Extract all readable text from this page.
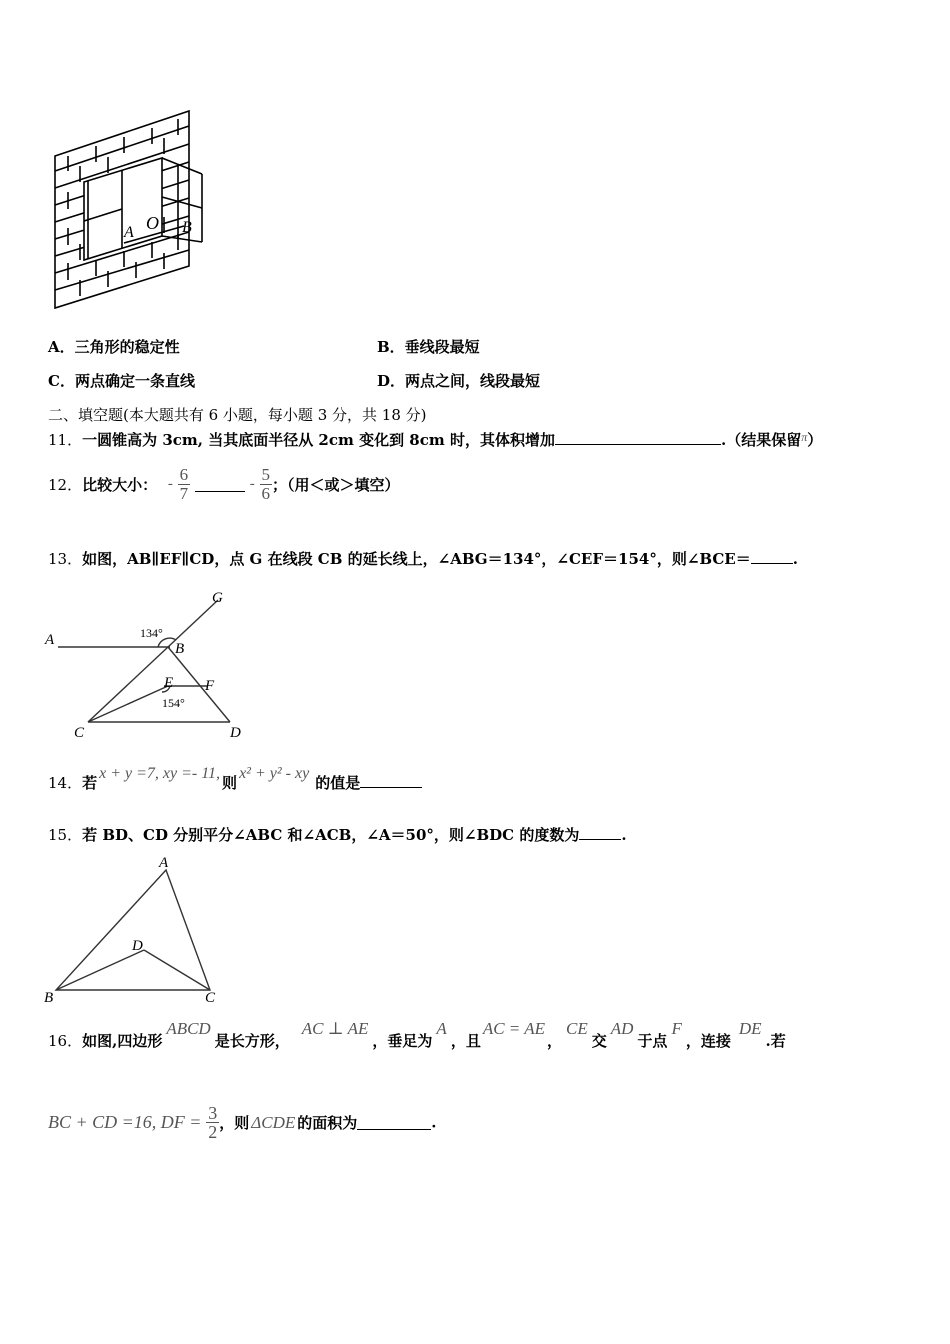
A O B
A．三角形的稳定性	B．垂线段最短
C．两点确定一条直线	D．两点之间，线段最短
二、填空题(本大题共有 6 小题，每小题 3 分，共 18 分)
11．一圆锥高为 3cm, 当其底面半径从 2cm 变化到 8cm 时，其体积增加	.（结果保留$^\pi$）
12．比较大小： - $\frac{6}{7}$	- $\frac{5}{6}$ ；（用＜或＞填空）
13．如图，AB∥EF∥CD，点 G 在线段 CB 的延长线上，∠ABG＝134°，∠CEF＝154°，则∠BCE＝	.
A
G
134°
B
E F
154°
C	D
14．若x + y =7, xy =- 11,则x² + y² - xy的值是
15．若 BD、CD 分别平分∠ABC 和∠ACB，∠A＝50°，则∠BDC 的度数为	.
A
D
B	C
16．如图,四边形ABCD是长方形，AC ⊥ AE，垂足为A，且AC = AE，CE交AD于点F，连接DE.若
BC + CD =16, DF = $\frac{3}{2}$ ，则 ΔCDE 的面积为	.
